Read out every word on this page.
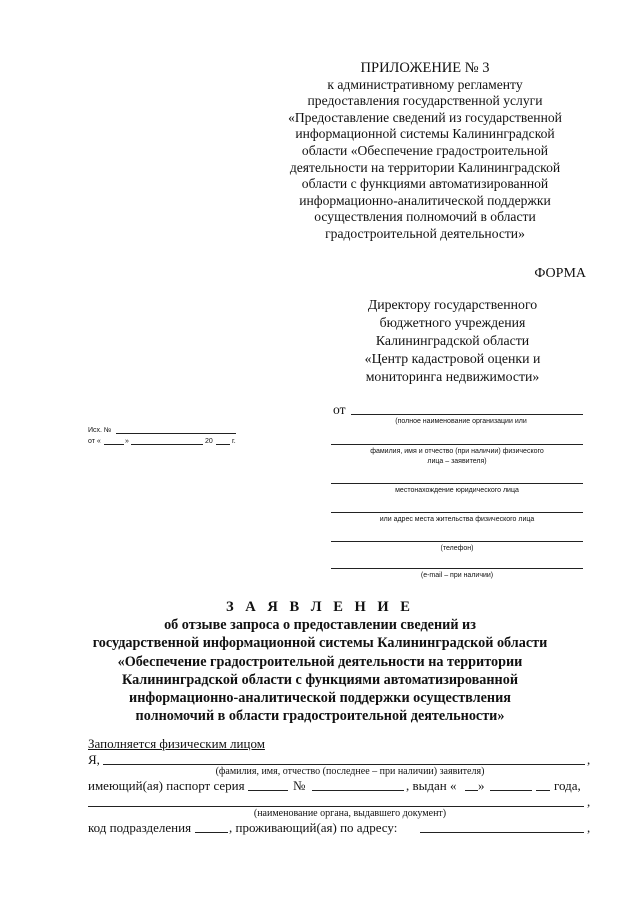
ПРИЛОЖЕНИЕ № 3
к административному регламенту
предоставления государственной услуги
«Предоставление сведений из государственной
информационной системы Калининградской
области «Обеспечение градостроительной
деятельности на территории Калининградской
области с функциями автоматизированной
информационно-аналитической поддержки
осуществления полномочий в области
градостроительной деятельности»
ФОРМА
Директору государственного
бюджетного учреждения
Калининградской области
«Центр кадастровой оценки и
мониторинга недвижимости»
Исх. №
от «	»	20	г.
от
(полное наименование организации или
фамилия, имя и отчество (при наличии) физического
лица – заявителя)
местонахождение юридического лица
или адрес места жительства физического лица
(телефон)
(e-mail – при наличии)
З А Я В Л Е Н И Е
об отзыве запроса о предоставлении сведений из
государственной информационной системы Калининградской области
«Обеспечение градостроительной деятельности на территории
Калининградской области с функциями автоматизированной
информационно-аналитической поддержки осуществления
полномочий в области градостроительной деятельности»
Заполняется физическим лицом
Я,	,
(фамилия, имя, отчество (последнее – при наличии) заявителя)
имеющий(ая) паспорт серия	№	, выдан « »	года,
,
(наименование органа, выдавшего документ)
код подразделения	, проживающий(ая) по адресу:	,
